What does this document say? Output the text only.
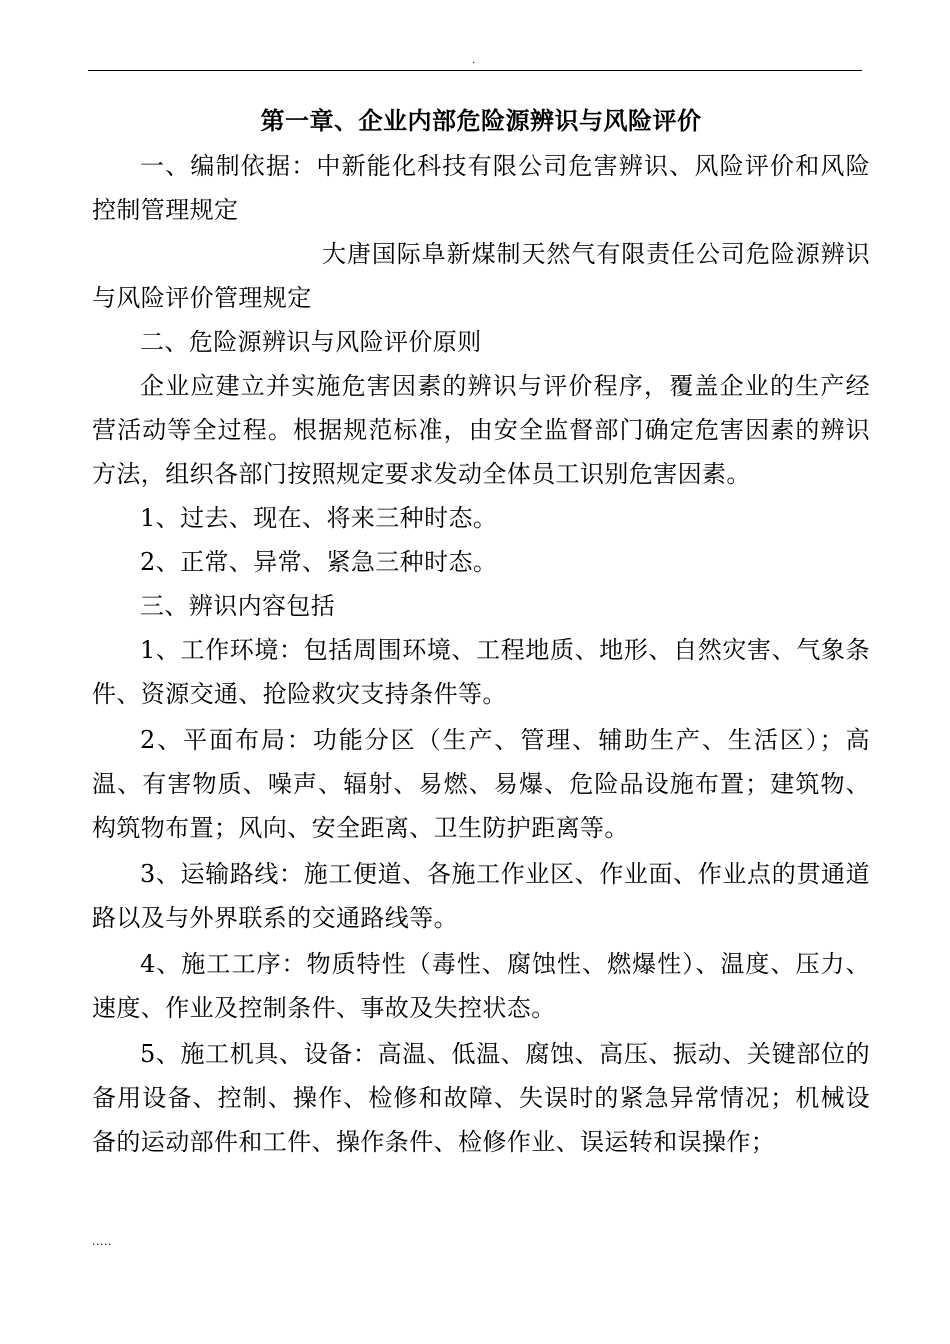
.
第一章、企业内部危险源辨识与风险评价

一、编制依据：中新能化科技有限公司危害辨识、风险评价和风险控制管理规定

大唐国际阜新煤制天然气有限责任公司危险源辨识与风险评价管理规定

二、危险源辨识与风险评价原则

企业应建立并实施危害因素的辨识与评价程序，覆盖企业的生产经营活动等全过程。根据规范标准，由安全监督部门确定危害因素的辨识方法，组织各部门按照规定要求发动全体员工识别危害因素。

1、过去、现在、将来三种时态。

2、正常、异常、紧急三种时态。

三、辨识内容包括

1、工作环境：包括周围环境、工程地质、地形、自然灾害、气象条件、资源交通、抢险救灾支持条件等。

2、平面布局：功能分区（生产、管理、辅助生产、生活区）；高温、有害物质、噪声、辐射、易燃、易爆、危险品设施布置；建筑物、构筑物布置；风向、安全距离、卫生防护距离等。

3、运输路线：施工便道、各施工作业区、作业面、作业点的贯通道路以及与外界联系的交通路线等。

4、施工工序：物质特性（毒性、腐蚀性、燃爆性）、温度、压力、速度、作业及控制条件、事故及失控状态。

5、施工机具、设备：高温、低温、腐蚀、高压、振动、关键部位的备用设备、控制、操作、检修和故障、失误时的紧急异常情况；机械设备的运动部件和工件、操作条件、检修作业、误运转和误操作；

.....
